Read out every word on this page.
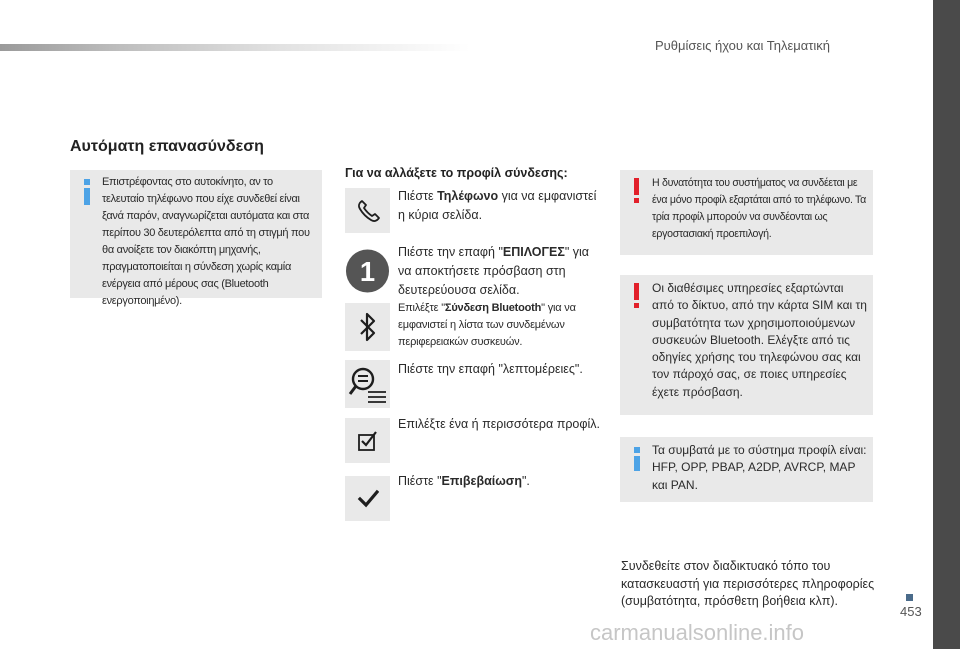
Ρυθμίσεις ήχου και Τηλεματική
Αυτόματη επανασύνδεση
Επιστρέφοντας στο αυτοκίνητο, αν το τελευταίο τηλέφωνο που είχε συνδεθεί είναι ξανά παρόν, αναγνωρίζεται αυτόματα και στα περίπου 30 δευτερόλεπτα από τη στιγμή που θα ανοίξετε τον διακόπτη μηχανής, πραγματοποιείται η σύνδεση χωρίς καμία ενέργεια από μέρους σας (Bluetooth ενεργοποιημένο).
Για να αλλάξετε το προφίλ σύνδεσης:
Πιέστε Τηλέφωνο για να εμφανιστεί η κύρια σελίδα.
1
Πιέστε την επαφή "ΕΠΙΛΟΓΕΣ" για να αποκτήσετε πρόσβαση στη δευτερεύουσα σελίδα.
Επιλέξτε "Σύνδεση Bluetooth" για να εμφανιστεί η λίστα των συνδεμένων περιφερειακών συσκευών.
Πιέστε την επαφή "λεπτομέρειες".
Επιλέξτε ένα ή περισσότερα προφίλ.
Πιέστε "Επιβεβαίωση".
Η δυνατότητα του συστήματος να συνδέεται με ένα μόνο προφίλ εξαρτάται από το τηλέφωνο. Τα τρία προφίλ μπορούν να συνδέονται ως εργοστασιακή προεπιλογή.
Οι διαθέσιμες υπηρεσίες εξαρτώνται από το δίκτυο, από την κάρτα SIM και τη συμβατότητα των χρησιμοποιούμενων συσκευών Bluetooth. Ελέγξτε από τις οδηγίες χρήσης του τηλεφώνου σας και τον πάροχό σας, σε ποιες υπηρεσίες έχετε πρόσβαση.
Τα συμβατά με το σύστημα προφίλ είναι: HFP, OPP, PBAP, A2DP, AVRCP, MAP και PAN.
Συνδεθείτε στον διαδικτυακό τόπο του κατασκευαστή για περισσότερες πληροφορίες (συμβατότητα, πρόσθετη βοήθεια κλπ).
453
carmanualsonline.info
